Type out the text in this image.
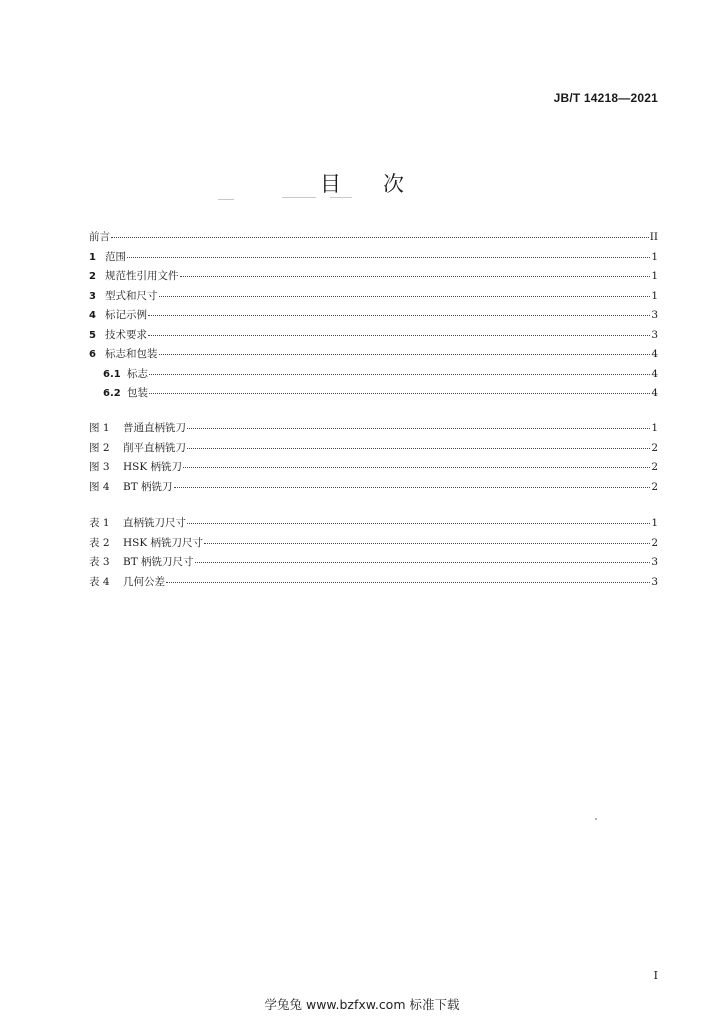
JB/T 14218—2021
目　　次
前言	II
1 范围	1
2 规范性引用文件	1
3 型式和尺寸	1
4 标记示例	3
5 技术要求	3
6 标志和包装	4
6.1 标志	4
6.2 包装	4
图 1	普通直柄铣刀	1
图 2	削平直柄铣刀	2
图 3	HSK 柄铣刀	2
图 4	BT 柄铣刀	2
表 1	直柄铣刀尺寸	1
表 2	HSK 柄铣刀尺寸	2
表 3	BT 柄铣刀尺寸	3
表 4	几何公差	3
I
学兔兔 www.bzfxw.com 标准下载
